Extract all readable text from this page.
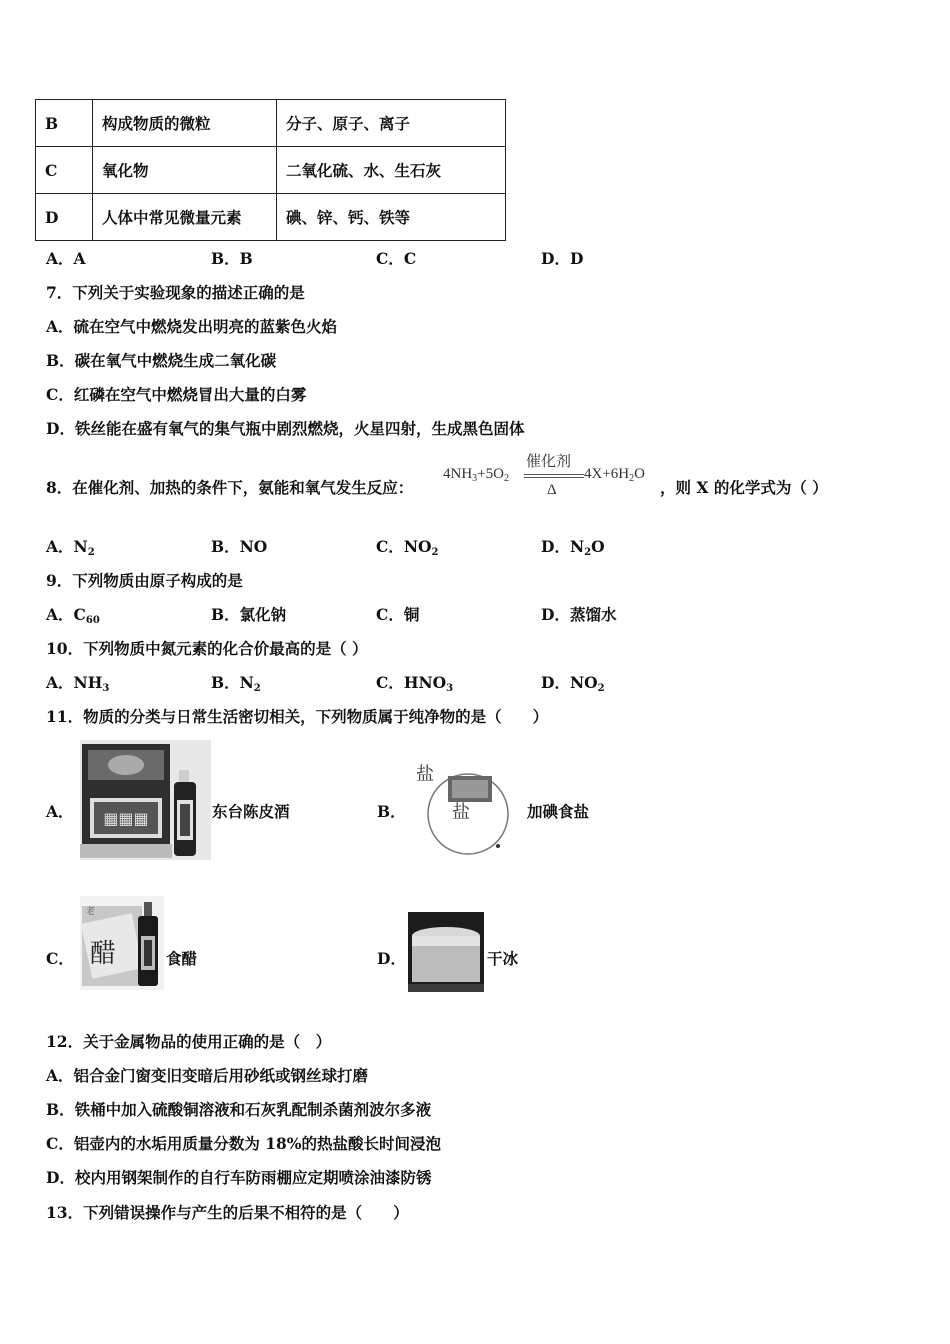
B	构成物质的微粒	分子、原子、离子
C	氧化物	二氧化硫、水、生石灰
D	人体中常见微量元素	碘、锌、钙、铁等
A．A	B．B	C．C	D．D
7．下列关于实验现象的描述正确的是
A．硫在空气中燃烧发出明亮的蓝紫色火焰
B．碳在氧气中燃烧生成二氧化碳
C．红磷在空气中燃烧冒出大量的白雾
D．铁丝能在盛有氧气的集气瓶中剧烈燃烧，火星四射，生成黑色固体
8．在催化剂、加热的条件下，氨能和氧气发生反应：
$4NH_3+5O_2$
催化剂
Δ
$4X+6H_2O$
，则 X 的化学式为（ ）
A．$N_2$	B．NO	C．$NO_2$	D．$N_2O$
9．下列物质由原子构成的是
A．$C_{60}$	B．氯化钠	C．铜	D．蒸馏水
10．下列物质中氮元素的化合价最高的是（ ）
A．$NH_3$	B．$N_2$	C．$HNO_3$	D．$NO_2$
11．物质的分类与日常生活密切相关，下列物质属于纯净物的是（　　）
A． ▦▦▦	东台陈皮酒	B．
盐
盐	加碘食盐
C． 醋
老
食醋	D．	干冰
12．关于金属物品的使用正确的是（　）
A．铝合金门窗变旧变暗后用砂纸或钢丝球打磨
B．铁桶中加入硫酸铜溶液和石灰乳配制杀菌剂波尔多液
C．铝壶内的水垢用质量分数为 18%的热盐酸长时间浸泡
D．校内用钢架制作的自行车防雨棚应定期喷涂油漆防锈
13．下列错误操作与产生的后果不相符的是（　　）
